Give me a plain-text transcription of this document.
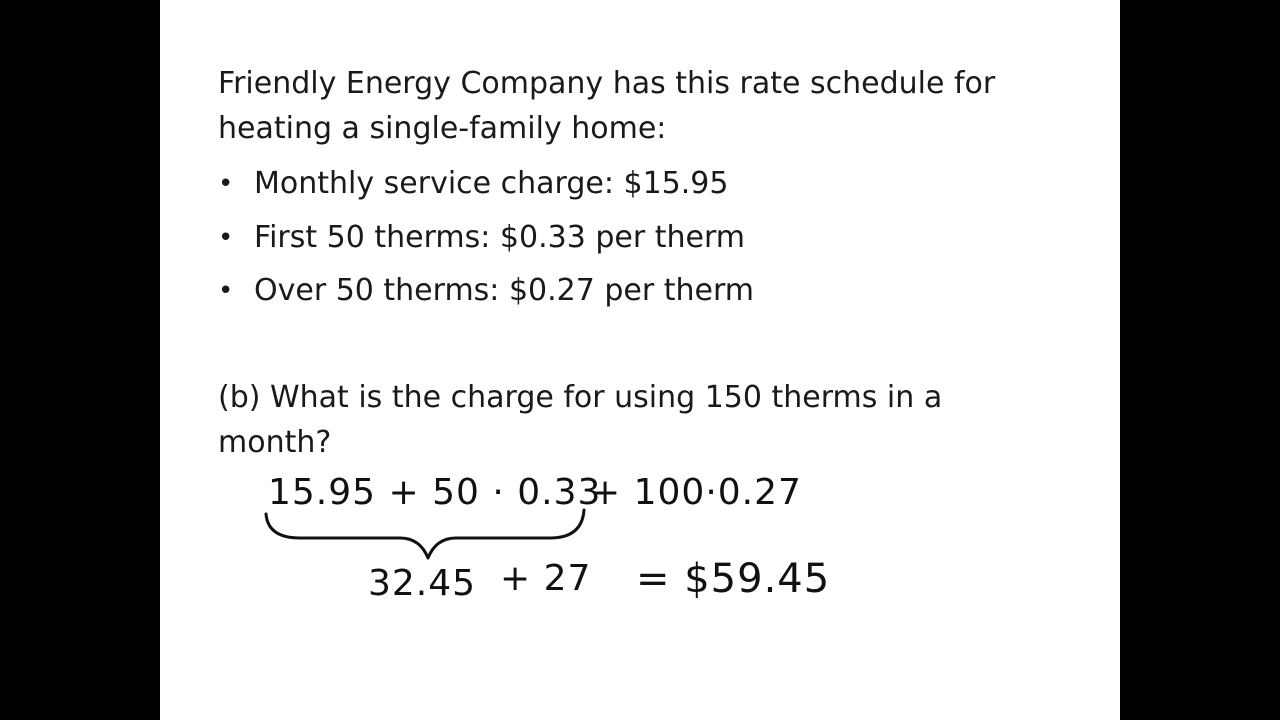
Friendly Energy Company has this rate schedule for

heating a single-family home:

• Monthly service charge: $15.95

• First 50 therms: $0.33 per therm

• Over 50 therms: $0.27 per therm

(b) What is the charge for using 150 therms in a

month?

15.95 + 50 · 0.33
+ 100·0.27
32.45 + 27 = $59.45
